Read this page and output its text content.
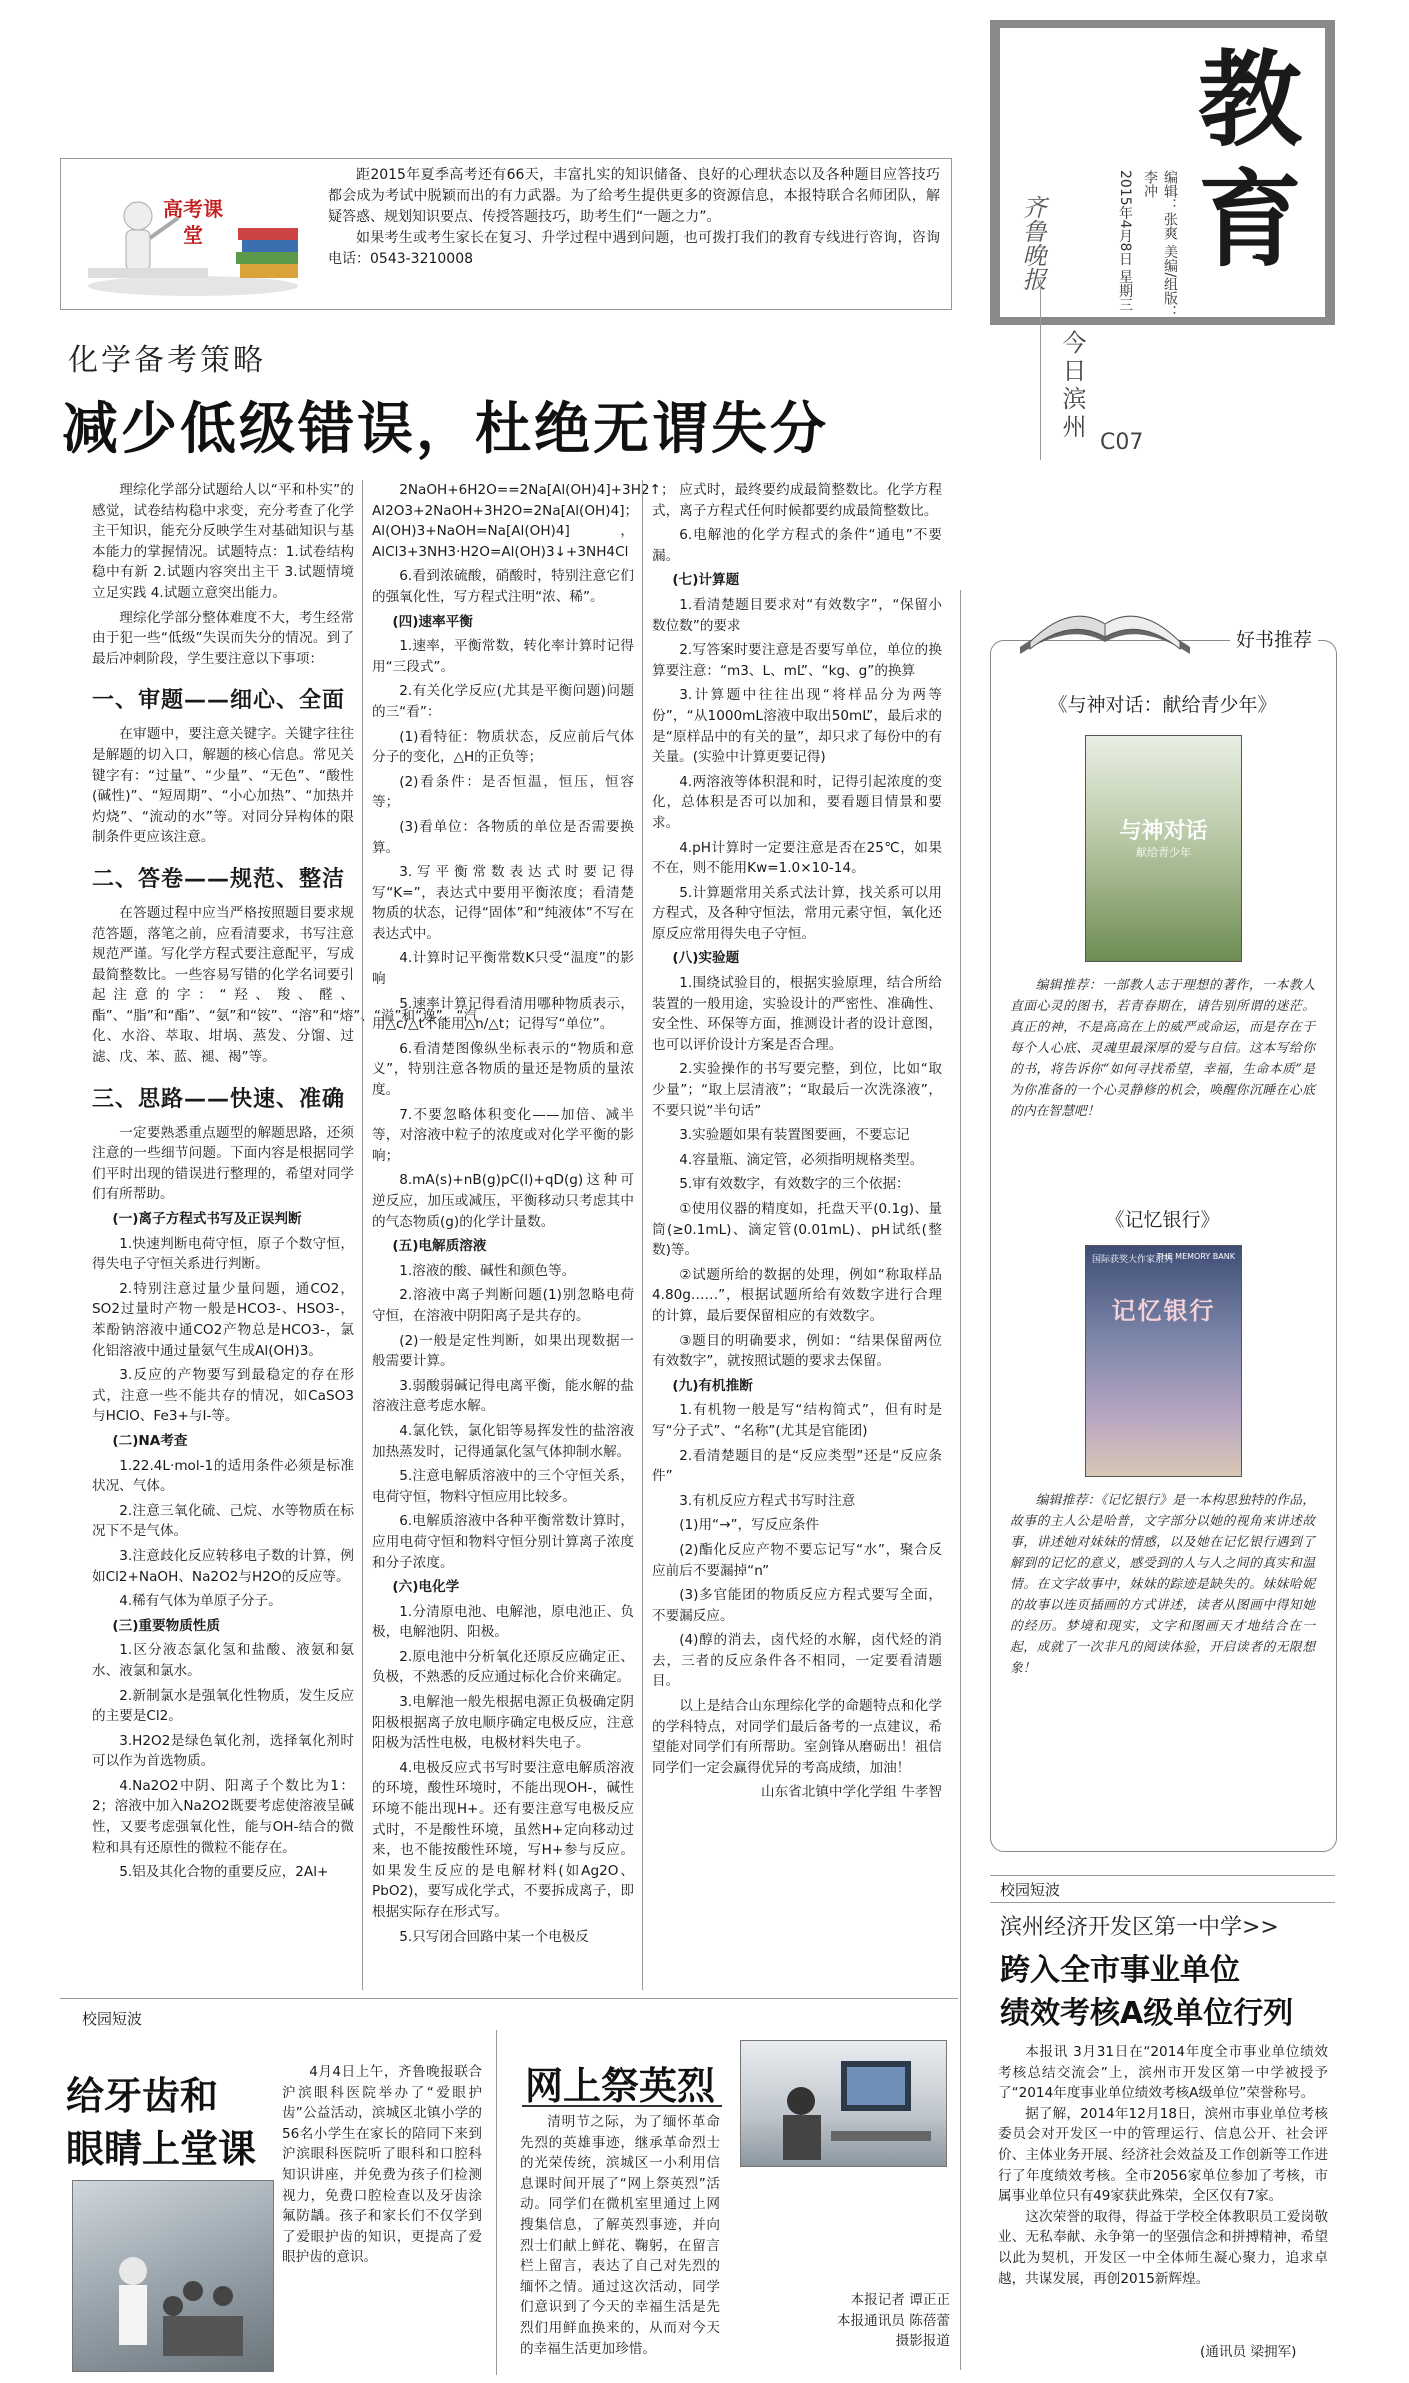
教
育
编辑：张爽 美编/组版：李冲
2015年4月8日 星期三
齐鲁晚报
今日滨州
C07
高考课堂

距2015年夏季高考还有66天，丰富扎实的知识储备、良好的心理状态以及各种题目应答技巧都会成为考试中脱颖而出的有力武器。为了给考生提供更多的资源信息，本报特联合名师团队，解疑答惑、规划知识要点、传授答题技巧，助考生们“一题之力”。

如果考生或考生家长在复习、升学过程中遇到问题，也可拨打我们的教育专线进行咨询，咨询电话：0543-3210008

化学备考策略
减少低级错误，杜绝无谓失分

理综化学部分试题给人以“平和朴实”的感觉，试卷结构稳中求变，充分考查了化学主干知识，能充分反映学生对基础知识与基本能力的掌握情况。试题特点：1.试卷结构稳中有新 2.试题内容突出主干 3.试题情境立足实践 4.试题立意突出能力。

理综化学部分整体难度不大，考生经常由于犯一些“低级”失误而失分的情况。到了最后冲刺阶段，学生要注意以下事项：

一、审题——细心、全面

在审题中，要注意关键字。关键字往往是解题的切入口，解题的核心信息。常见关键字有：“过量”、“少量”、“无色”、“酸性(碱性)”、“短周期”、“小心加热”、“加热并灼烧”、“流动的水”等。对同分异构体的限制条件更应该注意。

二、答卷——规范、整洁

在答题过程中应当严格按照题目要求规范答题，落笔之前，应看清要求，书写注意规范严谨。写化学方程式要注意配平，写成最简整数比。一些容易写错的化学名词要引起注意的字：“羟、羧、醛、酯”、“脂”和“酯”、“氨”和“铵”、“溶”和“熔”、“溢”和“逸”、“汽化、水浴、萃取、坩埚、蒸发、分馏、过滤、戊、苯、蓝、褪、褐”等。

三、思路——快速、准确

一定要熟悉重点题型的解题思路，还须注意的一些细节问题。下面内容是根据同学们平时出现的错误进行整理的，希望对同学们有所帮助。

(一)离子方程式书写及正误判断

1.快速判断电荷守恒，原子个数守恒，得失电子守恒关系进行判断。

2.特别注意过量少量问题，通CO2，SO2过量时产物一般是HCO3-、HSO3-，苯酚钠溶液中通CO2产物总是HCO3-，氯化铝溶液中通过量氨气生成Al(OH)3。

3.反应的产物要写到最稳定的存在形式，注意一些不能共存的情况，如CaSO3与HClO、Fe3+与I-等。

(二)NA考查

1.22.4L·mol-1的适用条件必须是标准状况、气体。

2.注意三氧化硫、己烷、水等物质在标况下不是气体。

3.注意歧化反应转移电子数的计算，例如Cl2+NaOH、Na2O2与H2O的反应等。

4.稀有气体为单原子分子。

(三)重要物质性质

1.区分液态氯化氢和盐酸、液氨和氨水、液氯和氯水。

2.新制氯水是强氧化性物质，发生反应的主要是Cl2。

3.H2O2是绿色氧化剂，选择氧化剂时可以作为首选物质。

4.Na2O2中阴、阳离子个数比为1：2；溶液中加入Na2O2既要考虑使溶液呈碱性，又要考虑强氧化性，能与OH-结合的微粒和具有还原性的微粒不能存在。

5.铝及其化合物的重要反应，2Al+

2NaOH+6H2O==2Na[Al(OH)4]+3H2↑；Al2O3+2NaOH+3H2O=2Na[Al(OH)4]；Al(OH)3+NaOH=Na[Al(OH)4]，AlCl3+3NH3·H2O=Al(OH)3↓+3NH4Cl

6.看到浓硫酸，硝酸时，特别注意它们的强氧化性，写方程式注明“浓、稀”。

(四)速率平衡

1.速率，平衡常数，转化率计算时记得用“三段式”。

2.有关化学反应(尤其是平衡问题)问题的三“看”：

(1)看特征：物质状态，反应前后气体分子的变化，△H的正负等；

(2)看条件：是否恒温，恒压，恒容等；

(3)看单位：各物质的单位是否需要换算。

3.写平衡常数表达式时要记得写“K=”，表达式中要用平衡浓度；看清楚物质的状态，记得“固体”和“纯液体”不写在表达式中。

4.计算时记平衡常数K只受“温度”的影响

5.速率计算记得看清用哪种物质表示，用△c/△t不能用△n/△t；记得写“单位”。

6.看清楚图像纵坐标表示的“物质和意义”，特别注意各物质的量还是物质的量浓度。

7.不要忽略体积变化——加倍、减半等，对溶液中粒子的浓度或对化学平衡的影响；

8.mA(s)+nB(g)pC(l)+qD(g)这种可逆反应，加压或减压，平衡移动只考虑其中的气态物质(g)的化学计量数。

(五)电解质溶液

1.溶液的酸、碱性和颜色等。

2.溶液中离子判断问题(1)别忽略电荷守恒，在溶液中阴阳离子是共存的。

(2)一般是定性判断，如果出现数据一般需要计算。

3.弱酸弱碱记得电离平衡，能水解的盐溶液注意考虑水解。

4.氯化铁，氯化铝等易挥发性的盐溶液加热蒸发时，记得通氯化氢气体抑制水解。

5.注意电解质溶液中的三个守恒关系，电荷守恒，物料守恒应用比较多。

6.电解质溶液中各种平衡常数计算时，应用电荷守恒和物料守恒分别计算离子浓度和分子浓度。

(六)电化学

1.分清原电池、电解池，原电池正、负极，电解池阴、阳极。

2.原电池中分析氧化还原反应确定正、负极，不熟悉的反应通过标化合价来确定。

3.电解池一般先根据电源正负极确定阴阳极根据离子放电顺序确定电极反应，注意阳极为活性电极，电极材料失电子。

4.电极反应式书写时要注意电解质溶液的环境，酸性环境时，不能出现OH-，碱性环境不能出现H+。还有要注意写电极反应式时，不是酸性环境，虽然H+定向移动过来，也不能按酸性环境，写H+参与反应。如果发生反应的是电解材料(如Ag2O、PbO2)，要写成化学式，不要拆成离子，即根据实际存在形式写。

5.只写闭合回路中某一个电极反

应式时，最终要约成最简整数比。化学方程式，离子方程式任何时候都要约成最简整数比。

6.电解池的化学方程式的条件“通电”不要漏。

(七)计算题

1.看清楚题目要求对“有效数字”，“保留小数位数”的要求

2.写答案时要注意是否要写单位，单位的换算要注意：“m3、L、mL”、“kg、g”的换算

3.计算题中往往出现“将样品分为两等份”，“从1000mL溶液中取出50mL”，最后求的是“原样品中的有关的量”，却只求了每份中的有关量。(实验中计算更要记得)

4.两溶液等体积混和时，记得引起浓度的变化，总体积是否可以加和，要看题目情景和要求。

4.pH计算时一定要注意是否在25℃，如果不在，则不能用Kw=1.0×10-14。

5.计算题常用关系式法计算，找关系可以用方程式，及各种守恒法，常用元素守恒，氧化还原反应常用得失电子守恒。

(八)实验题

1.围绕试验目的，根据实验原理，结合所给装置的一般用途，实验设计的严密性、准确性、安全性、环保等方面，推测设计者的设计意图，也可以评价设计方案是否合理。

2.实验操作的书写要完整，到位，比如“取少量”；“取上层清液”；“取最后一次洗涤液”，不要只说“半句话”

3.实验题如果有装置图要画，不要忘记

4.容量瓶、滴定管，必须指明规格类型。

5.审有效数字，有效数字的三个依据：

①使用仪器的精度如，托盘天平(0.1g)、量筒(≥0.1mL)、滴定管(0.01mL)、pH试纸(整数)等。

②试题所给的数据的处理，例如“称取样品4.80g……”，根据试题所给有效数字进行合理的计算，最后要保留相应的有效数字。

③题目的明确要求，例如：“结果保留两位有效数字”，就按照试题的要求去保留。

(九)有机推断

1.有机物一般是写“结构简式”，但有时是写“分子式”、“名称”(尤其是官能团)

2.看清楚题目的是“反应类型”还是“反应条件”

3.有机反应方程式书写时注意

(1)用“→”，写反应条件

(2)酯化反应产物不要忘记写“水”，聚合反应前后不要漏掉“n”

(3)多官能团的物质反应方程式要写全面，不要漏反应。

(4)醇的消去，卤代烃的水解，卤代烃的消去，三者的反应条件各不相同，一定要看清题目。

以上是结合山东理综化学的命题特点和化学的学科特点，对同学们最后备考的一点建议，希望能对同学们有所帮助。室剑锋从磨砺出！祖信同学们一定会赢得优异的考高成绩，加油！

山东省北镇中学化学组 牛孝智

好书推荐
《与神对话：献给青少年》
与神对话
献给青少年

编辑推荐：一部教人志于理想的著作，一本教人直面心灵的图书，若青春期在，请告别所谓的迷茫。真正的神，不是高高在上的威严或命运，而是存在于每个人心底、灵魂里最深厚的爱与自信。这本写给你的书，将告诉你“如何寻找希望，幸福，生命本质”是为你准备的一个心灵静修的机会，唤醒你沉睡在心底的内在智慧吧！

《记忆银行》
国际获奖大作家系列
THE MEMORY BANK
记忆银行

编辑推荐：《记忆银行》是一本构思独特的作品，故事的主人公是哈普，文字部分以她的视角来讲述故事，讲述她对妹妹的情感，以及她在记忆银行遇到了解到的记忆的意义，感受到的人与人之间的真实和温情。在文字故事中，妹妹的踪迹是缺失的。妹妹哈妮的故事以连页插画的方式讲述，读者从图画中得知她的经历。梦境和现实，文字和图画天才地结合在一起，成就了一次非凡的阅读体验，开启读者的无限想象！

校园短波
滨州经济开发区第一中学>>
跨入全市事业单位
绩效考核A级单位行列

本报讯 3月31日在“2014年度全市事业单位绩效考核总结交流会”上，滨州市开发区第一中学被授予了“2014年度事业单位绩效考核A级单位”荣誉称号。

据了解，2014年12月18日，滨州市事业单位考核委员会对开发区一中的管理运行、信息公开、社会评价、主体业务开展、经济社会效益及工作创新等工作进行了年度绩效考核。全市2056家单位参加了考核，市属事业单位只有49家获此殊荣，全区仅有7家。

这次荣誉的取得，得益于学校全体教职员工爱岗敬业、无私奉献、永争第一的坚强信念和拼搏精神，希望以此为契机，开发区一中全体师生凝心聚力，追求卓越，共谋发展，再创2015新辉煌。

(通讯员 梁拥军)
校园短波
给牙齿和
眼睛上堂课

4月4日上午，齐鲁晚报联合沪滨眼科医院举办了“爱眼护齿”公益活动，滨城区北镇小学的56名小学生在家长的陪同下来到沪滨眼科医院听了眼科和口腔科知识讲座，并免费为孩子们检测视力，免费口腔检查以及牙齿涂氟防龋。孩子和家长们不仅学到了爱眼护齿的知识，更提高了爱眼护齿的意识。

网上祭英烈

清明节之际，为了缅怀革命先烈的英雄事迹，继承革命烈士的光荣传统，滨城区一小利用信息课时间开展了“网上祭英烈”活动。同学们在微机室里通过上网搜集信息，了解英烈事迹，并向烈士们献上鲜花、鞠躬，在留言栏上留言，表达了自己对先烈的缅怀之情。通过这次活动，同学们意识到了今天的幸福生活是先烈们用鲜血换来的，从而对今天的幸福生活更加珍惜。

本报记者 谭正正
本报通讯员 陈蓓蕾
摄影报道
